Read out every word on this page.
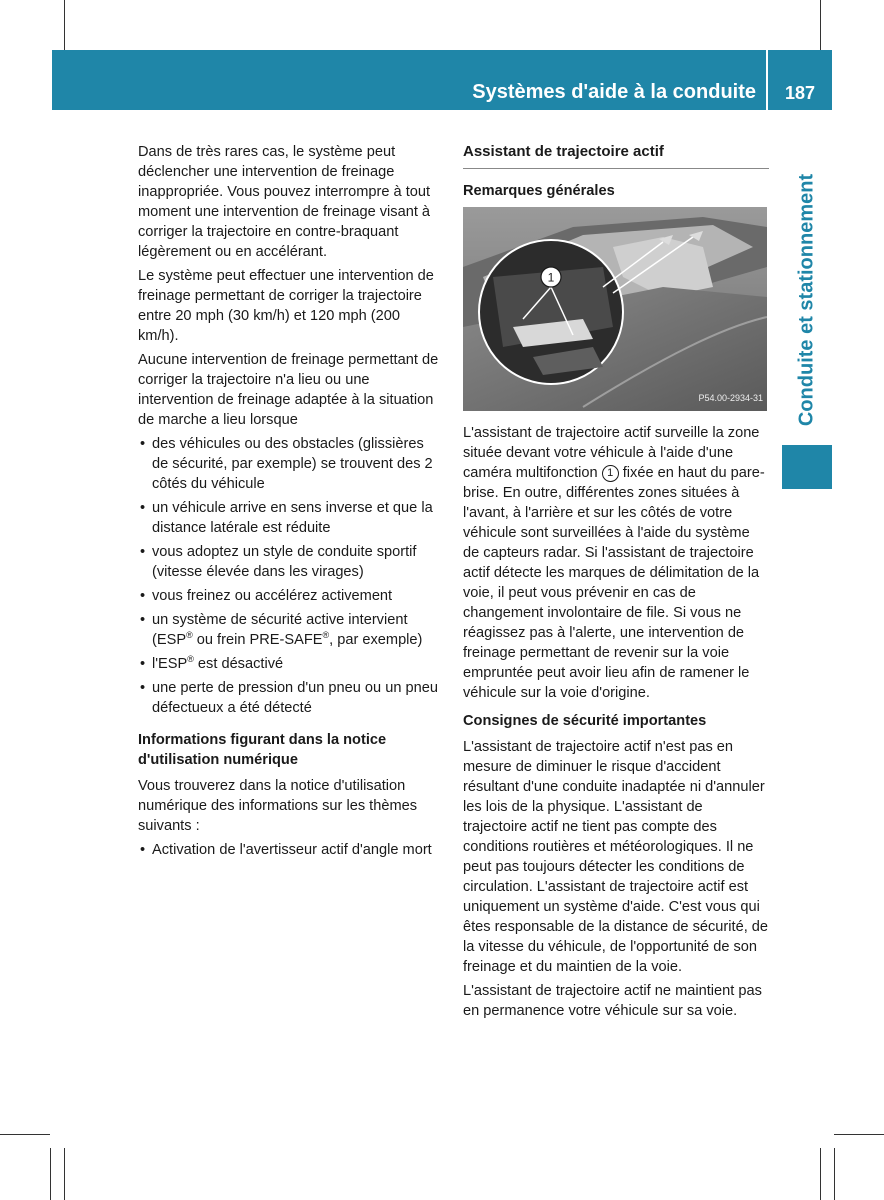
Systèmes d'aide à la conduite	187
Conduite et stationnement

Dans de très rares cas, le système peut déclencher une intervention de freinage inappropriée. Vous pouvez interrompre à tout moment une intervention de freinage visant à corriger la trajectoire en contre-braquant légèrement ou en accélérant.

Le système peut effectuer une intervention de freinage permettant de corriger la trajectoire entre 20 mph (30 km/h) et 120 mph (200 km/h).

Aucune intervention de freinage permettant de corriger la trajectoire n'a lieu ou une intervention de freinage adaptée à la situation de marche a lieu lorsque

• des véhicules ou des obstacles (glissières de sécurité, par exemple) se trouvent des 2 côtés du véhicule
• un véhicule arrive en sens inverse et que la distance latérale est réduite
• vous adoptez un style de conduite sportif (vitesse élevée dans les virages)
• vous freinez ou accélérez activement
• un système de sécurité active intervient (ESP® ou frein PRE-SAFE®, par exemple)
• l'ESP® est désactivé
• une perte de pression d'un pneu ou un pneu défectueux a été détecté
Informations figurant dans la notice d'utilisation numérique

Vous trouverez dans la notice d'utilisation numérique des informations sur les thèmes suivants :

• Activation de l'avertisseur actif d'angle mort
Assistant de trajectoire actif
Remarques générales
1
P54.00-2934-31

L'assistant de trajectoire actif surveille la zone située devant votre véhicule à l'aide d'une caméra multifonction 1 fixée en haut du pare-brise. En outre, différentes zones situées à l'avant, à l'arrière et sur les côtés de votre véhicule sont surveillées à l'aide du système de capteurs radar. Si l'assistant de trajectoire actif détecte les marques de délimitation de la voie, il peut vous prévenir en cas de changement involontaire de file. Si vous ne réagissez pas à l'alerte, une intervention de freinage permettant de revenir sur la voie empruntée peut avoir lieu afin de ramener le véhicule sur la voie d'origine.

Consignes de sécurité importantes

L'assistant de trajectoire actif n'est pas en mesure de diminuer le risque d'accident résultant d'une conduite inadaptée ni d'annuler les lois de la physique. L'assistant de trajectoire actif ne tient pas compte des conditions routières et météorologiques. Il ne peut pas toujours détecter les conditions de circulation. L'assistant de trajectoire actif est uniquement un système d'aide. C'est vous qui êtes responsable de la distance de sécurité, de la vitesse du véhicule, de l'opportunité de son freinage et du maintien de la voie.

L'assistant de trajectoire actif ne maintient pas en permanence votre véhicule sur sa voie.
